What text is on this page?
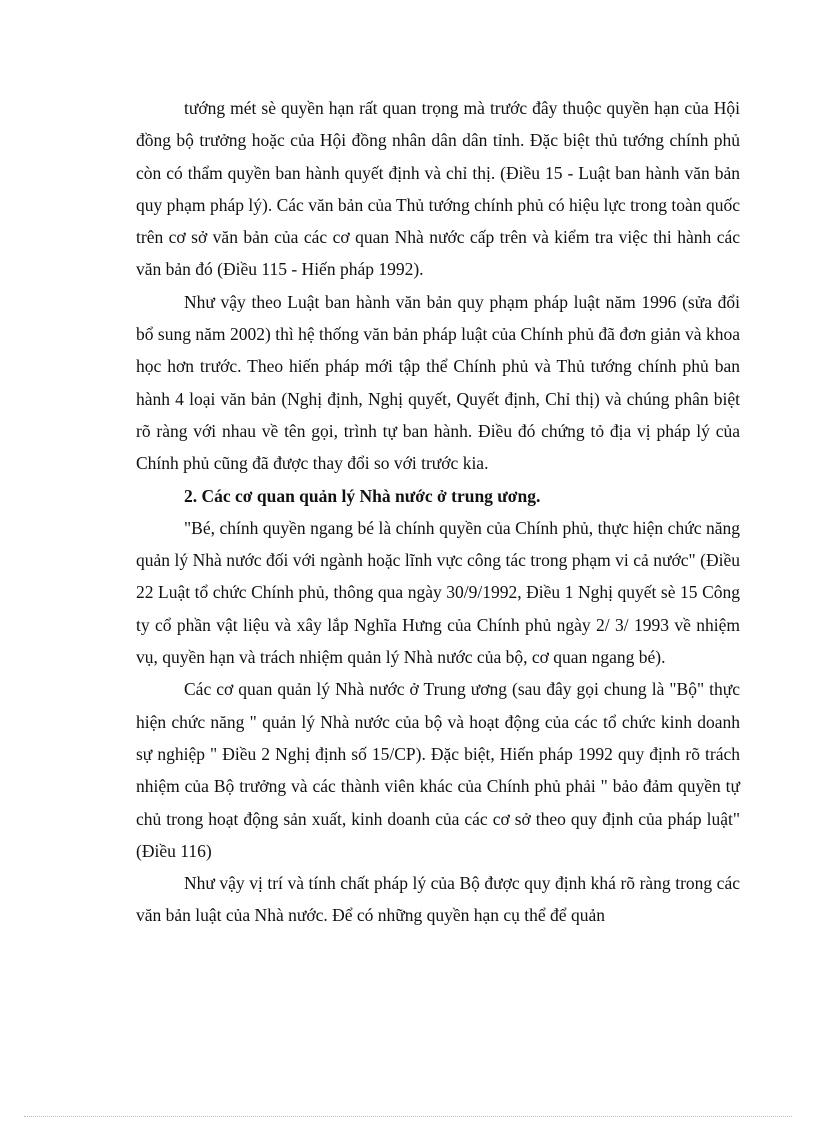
tướng mét sè quyền hạn rất quan trọng mà trước đây thuộc quyền hạn của Hội đồng bộ trưởng hoặc của Hội đồng nhân dân dân tỉnh. Đặc biệt thủ tướng chính phủ còn có thẩm quyền ban hành quyết định và chỉ thị. (Điều 15 - Luật ban hành văn bản quy phạm pháp lý). Các văn bản của Thủ tướng chính phủ có hiệu lực trong toàn quốc trên cơ sở văn bản của các cơ quan Nhà nước cấp trên và kiểm tra việc thi hành các văn bản đó (Điều 115 - Hiến pháp 1992).

Như vậy theo Luật ban hành văn bản quy phạm pháp luật năm 1996 (sửa đổi bổ sung năm 2002) thì hệ thống văn bản pháp luật của Chính phủ đã đơn giản và khoa học hơn trước. Theo hiến pháp mới tập thể Chính phủ và Thủ tướng chính phủ ban hành 4 loại văn bản (Nghị định, Nghị quyết, Quyết định, Chỉ thị) và chúng phân biệt rõ ràng với nhau về tên gọi, trình tự ban hành. Điều đó chứng tỏ địa vị pháp lý của Chính phủ cũng đã được thay đổi so với trước kia.

2. Các cơ quan quản lý Nhà nước ở trung ương.

"Bé, chính quyền ngang bé là chính quyền của Chính phủ, thực hiện chức năng quản lý Nhà nước đối với ngành hoặc lĩnh vực công tác trong phạm vi cả nước" (Điều 22 Luật tổ chức Chính phủ, thông qua ngày 30/9/1992, Điều 1 Nghị quyết sè 15 Công ty cổ phần vật liệu và xây lắp Nghĩa Hưng của Chính phủ ngày 2/ 3/ 1993 về nhiệm vụ, quyền hạn và trách nhiệm quản lý Nhà nước của bộ, cơ quan ngang bé).

Các cơ quan quản lý Nhà nước ở Trung ương (sau đây gọi chung là "Bộ" thực hiện chức năng " quản lý Nhà nước của bộ và hoạt động của các tổ chức kinh doanh sự nghiệp " Điều 2 Nghị định số 15/CP). Đặc biệt, Hiến pháp 1992 quy định rõ trách nhiệm của Bộ trưởng và các thành viên khác của Chính phủ phải " bảo đảm quyền tự chủ trong hoạt động sản xuất, kinh doanh của các cơ sở theo quy định của pháp luật" (Điều 116)

Như vậy vị trí và tính chất pháp lý của Bộ được quy định khá rõ ràng trong các văn bản luật của Nhà nước. Để có những quyền hạn cụ thể để quản
